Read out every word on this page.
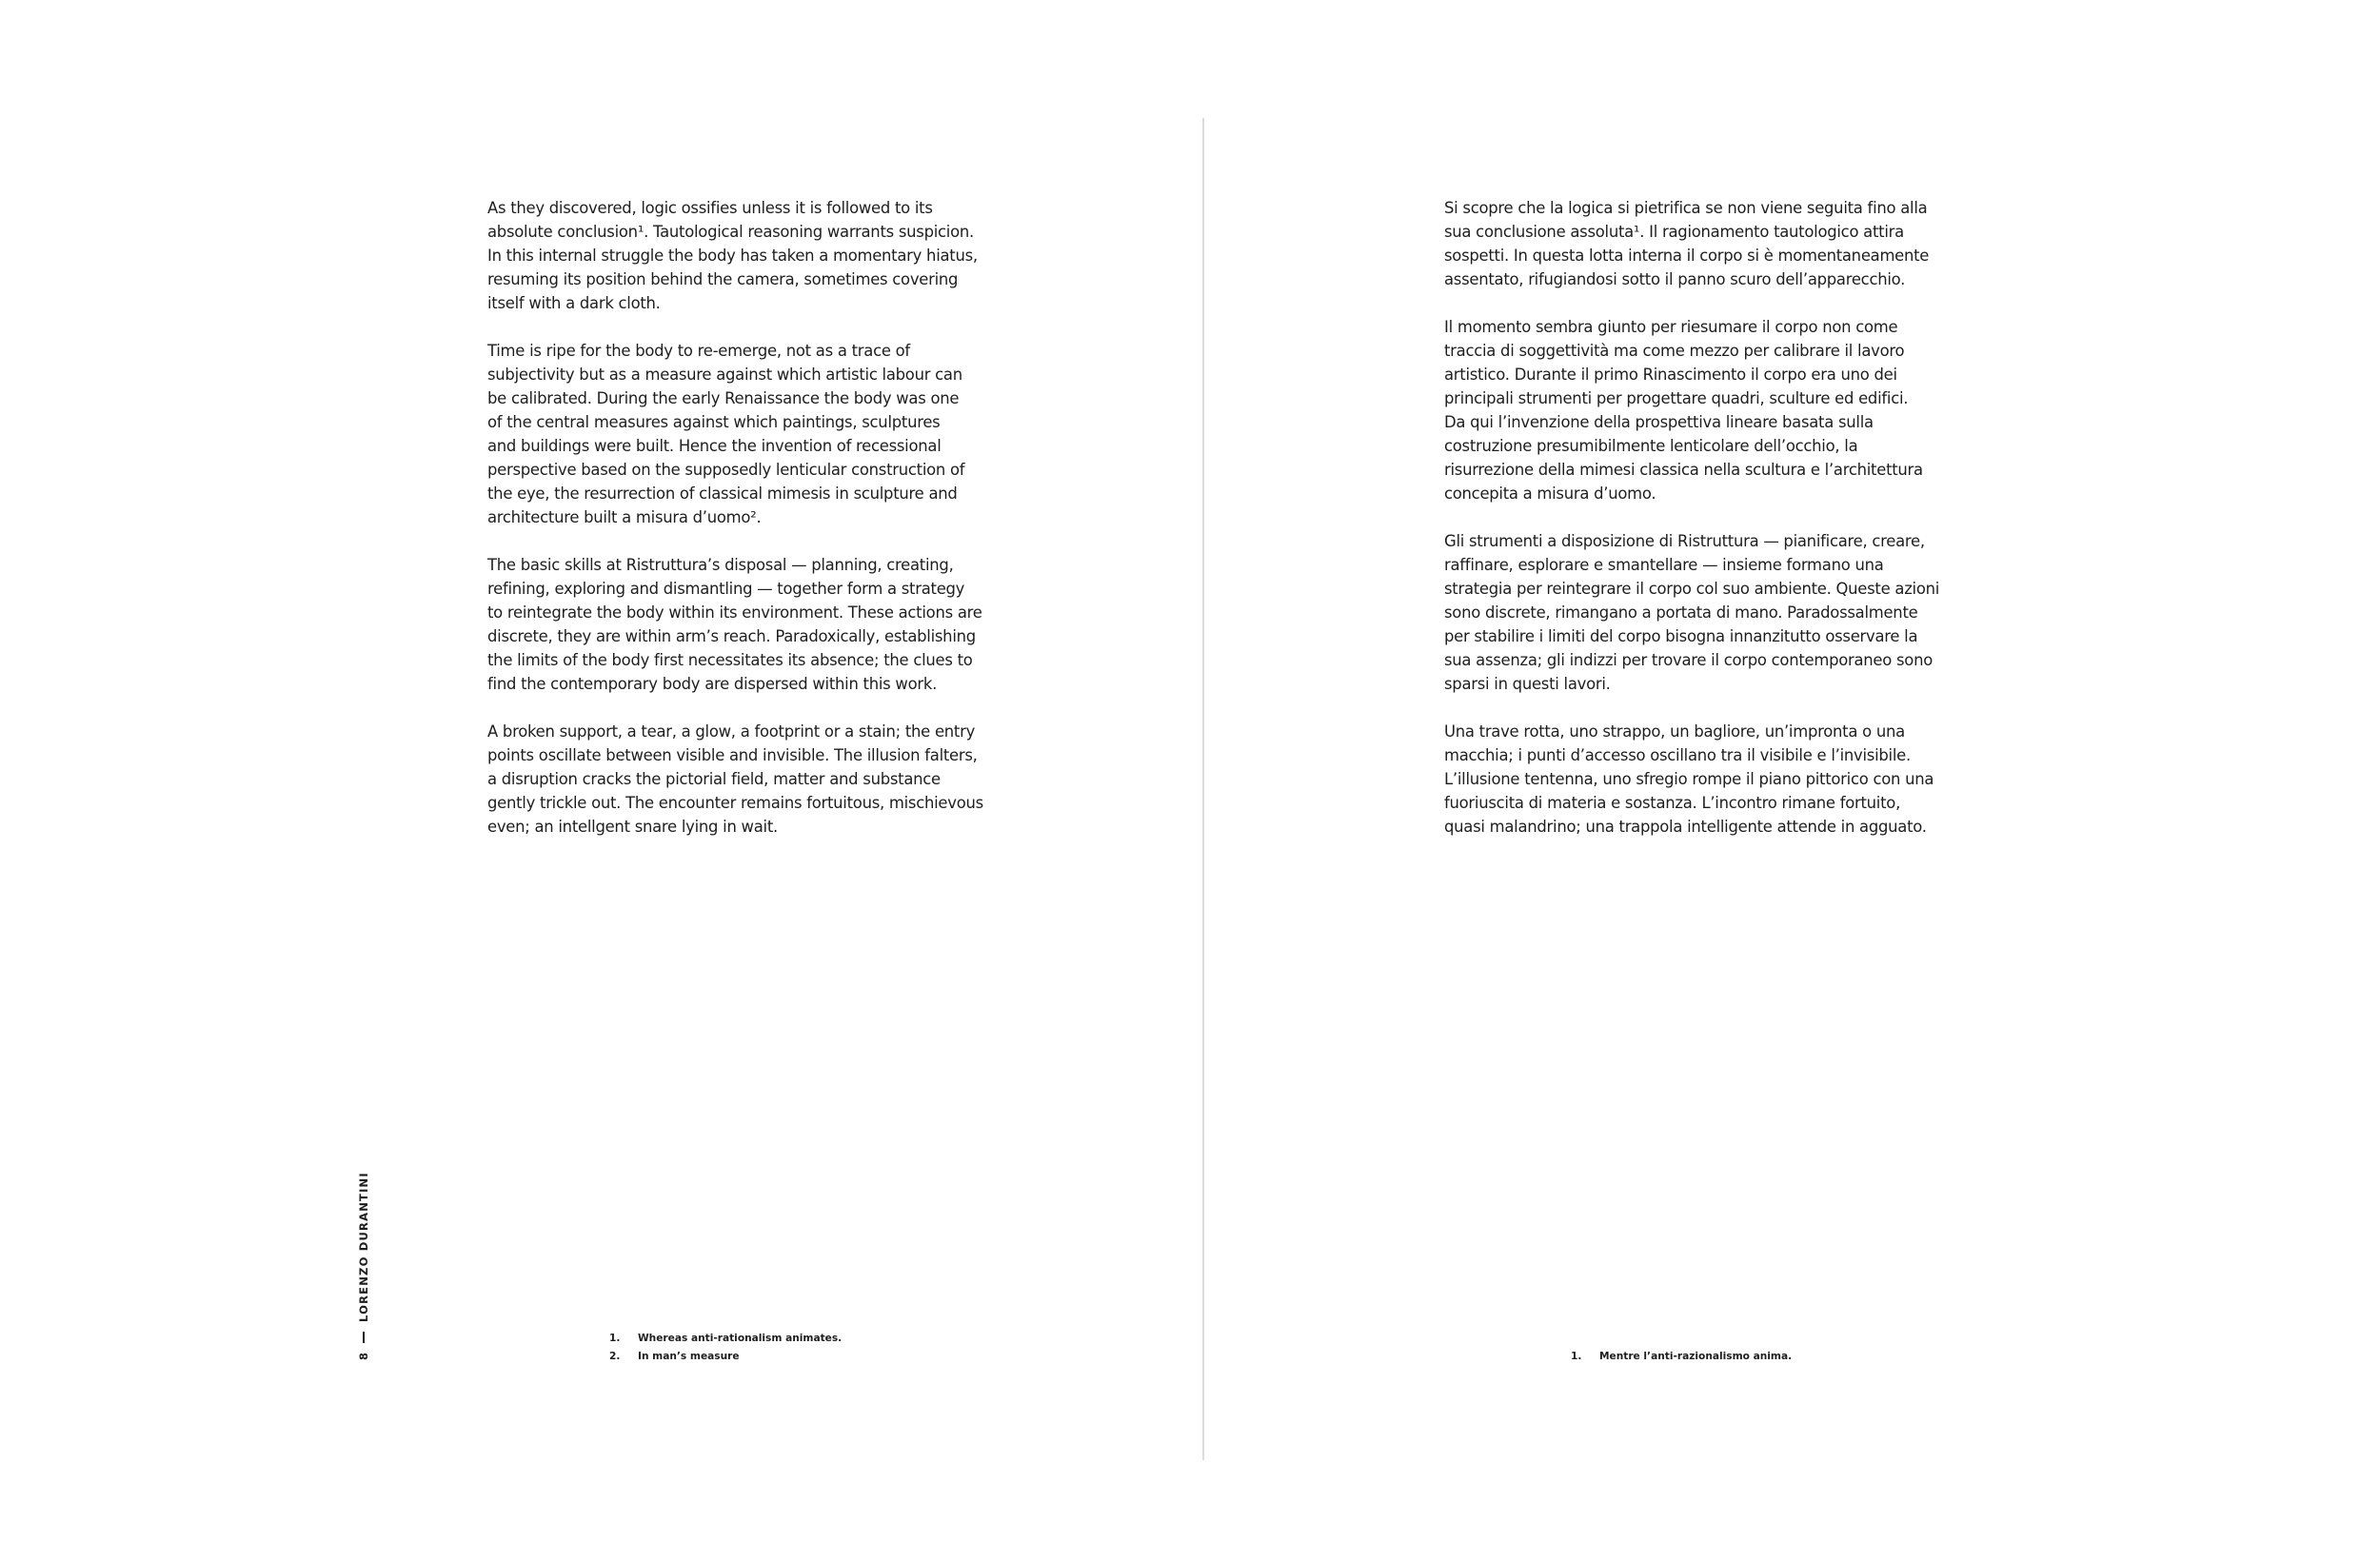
As they discovered, logic ossifies unless it is followed to its
absolute conclusion¹. Tautological reasoning warrants suspicion.
In this internal struggle the body has taken a momentary hiatus,
resuming its position behind the camera, sometimes covering
itself with a dark cloth.

Time is ripe for the body to re-emerge, not as a trace of
subjectivity but as a measure against which artistic labour can
be calibrated. During the early Renaissance the body was one
of the central measures against which paintings, sculptures
and buildings were built. Hence the invention of recessional
perspective based on the supposedly lenticular construction of
the eye, the resurrection of classical mimesis in sculpture and
architecture built a misura d’uomo².

The basic skills at Ristruttura’s disposal — planning, creating,
refining, exploring and dismantling — together form a strategy
to reintegrate the body within its environment. These actions are
discrete, they are within arm’s reach. Paradoxically, establishing
the limits of the body first necessitates its absence; the clues to
find the contemporary body are dispersed within this work.

A broken support, a tear, a glow, a footprint or a stain; the entry
points oscillate between visible and invisible. The illusion falters,
a disruption cracks the pictorial field, matter and substance
gently trickle out. The encounter remains fortuitous, mischievous
even; an intellgent snare lying in wait.

1.	Whereas anti-rationalism animates.
2.	In man’s measure
8
LORENZO DURANTINI

Si scopre che la logica si pietrifica se non viene seguita fino alla
sua conclusione assoluta¹. Il ragionamento tautologico attira
sospetti. In questa lotta interna il corpo si è momentaneamente
assentato, rifugiandosi sotto il panno scuro dell’apparecchio.

Il momento sembra giunto per riesumare il corpo non come
traccia di soggettività ma come mezzo per calibrare il lavoro
artistico. Durante il primo Rinascimento il corpo era uno dei
principali strumenti per progettare quadri, sculture ed edifici.
Da qui l’invenzione della prospettiva lineare basata sulla
costruzione presumibilmente lenticolare dell’occhio, la
risurrezione della mimesi classica nella scultura e l’architettura
concepita a misura d’uomo.

Gli strumenti a disposizione di Ristruttura — pianificare, creare,
raffinare, esplorare e smantellare — insieme formano una
strategia per reintegrare il corpo col suo ambiente. Queste azioni
sono discrete, rimangano a portata di mano. Paradossalmente
per stabilire i limiti del corpo bisogna innanzitutto osservare la
sua assenza; gli indizzi per trovare il corpo contemporaneo sono
sparsi in questi lavori.

Una trave rotta, uno strappo, un bagliore, un’impronta o una
macchia; i punti d’accesso oscillano tra il visibile e l’invisibile.
L’illusione tentenna, uno sfregio rompe il piano pittorico con una
fuoriuscita di materia e sostanza. L’incontro rimane fortuito,
quasi malandrino; una trappola intelligente attende in agguato.

1.	Mentre l’anti-razionalismo anima.
